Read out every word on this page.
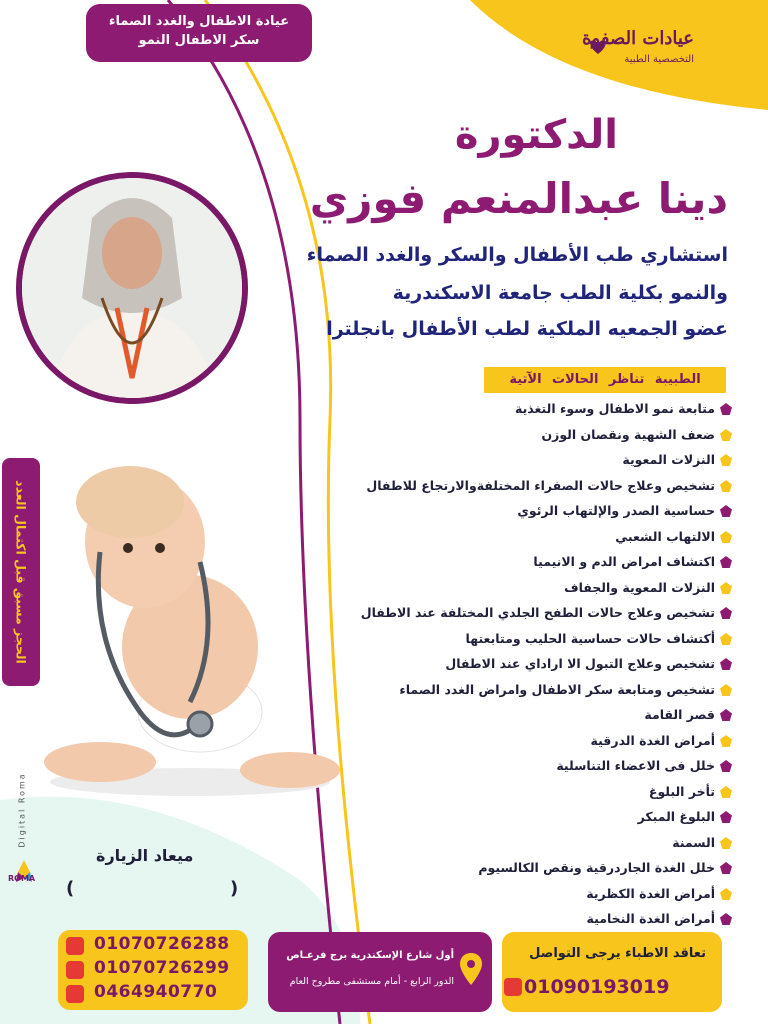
عيادة الاطفال والغدد الصماء
سكر الاطفال النمو	عيادات الصفوة
التخصصية الطبية
الدكتورة
دينا عبدالمنعم فوزي
استشاري طب الأطفال والسكر والغدد الصماء
والنمو بكلية الطب جامعة الاسكندرية
عضو الجمعيه الملكية لطب الأطفال بانجلترا
الطبيبة تناظر الحالات الآتية
متابعة نمو الاطفال وسوء التغذية
ضعف الشهية ونقصان الوزن
النزلات المعوية
تشخيص وعلاج حالات الصفراء المختلفةوالارتجاع للاطفال
حساسية الصدر والإلتهاب الرئوي
الالتهاب الشعبي
اكتشاف امراض الدم و الانيميا
النزلات المعوية والجفاف
تشخيص وعلاج حالات الطفح الجلدي المختلفة عند الاطفال
أكتشاف حالات حساسية الحليب ومتابعتها
تشخيص وعلاج التبول الا اراداي عند الاطفال
تشخيص ومتابعة سكر الاطفال وامراض الغدد الصماء
قصر القامة
أمراض الغدة الدرقية
خلل فى الاعضاء التناسلية
تأخر البلوغ
البلوغ المبكر
السمنة
خلل الغدة الجاردرقية ونقص الكالسيوم
أمراض الغدة الكظرية
أمراض الغدة النخامية
الحجز مسبق قبل اكتمال العدد
ميعاد الزيارة
(	)
Digital Roma
ROMA
01070726288
01070726299
0464940770
أول شارع الإسكندرية برج فرعـاص
الدور الرابع - أمام مستشفى مطروح العام
تعاقد الاطباء يرجى التواصل
01090193019
